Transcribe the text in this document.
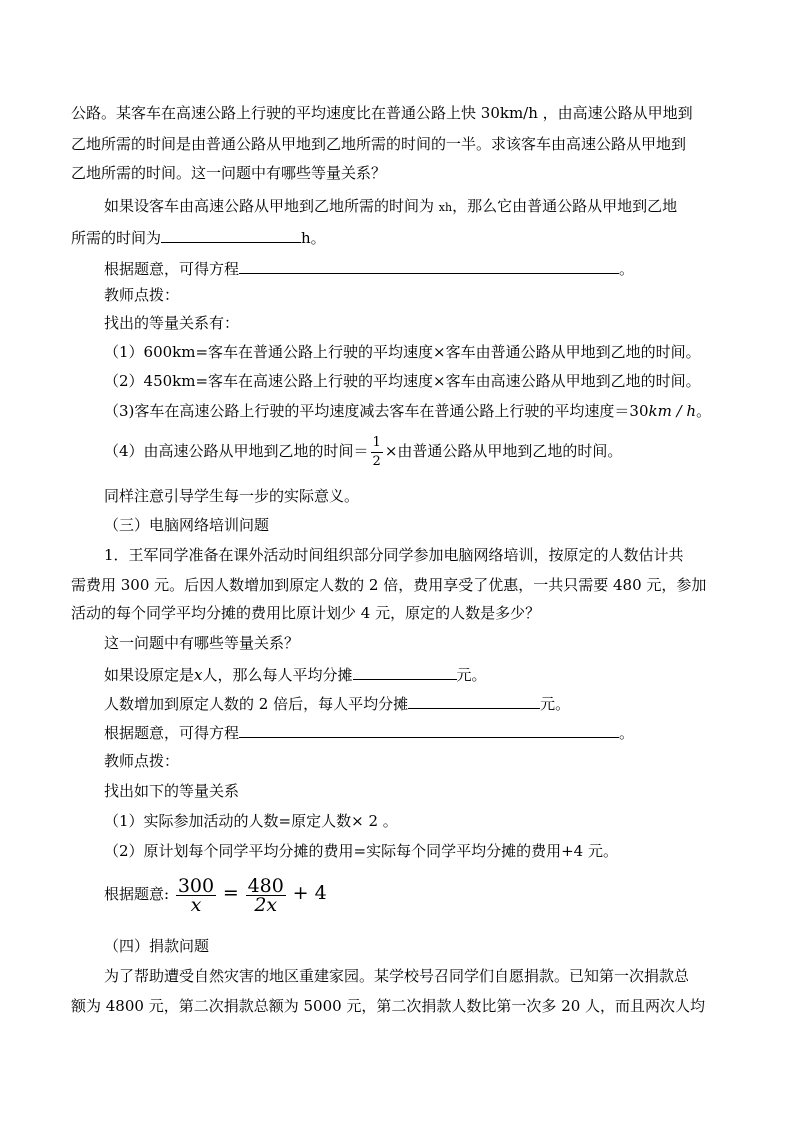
公路。某客车在高速公路上行驶的平均速度比在普通公路上快 30km/h ，由高速公路从甲地到
乙地所需的时间是由普通公路从甲地到乙地所需的时间的一半。求该客车由高速公路从甲地到
乙地所需的时间。这一问题中有哪些等量关系？
如果设客车由高速公路从甲地到乙地所需的时间为 xh，那么它由普通公路从甲地到乙地
所需的时间为	h。
根据题意，可得方程	。
教师点拨：
找出的等量关系有：
（1）600km=客车在普通公路上行驶的平均速度×客车由普通公路从甲地到乙地的时间。
（2）450km=客车在高速公路上行驶的平均速度×客车由高速公路从甲地到乙地的时间。
（3)客车在高速公路上行驶的平均速度减去客车在普通公路上行驶的平均速度＝30km / h。
（4）由高速公路从甲地到乙地的时间＝ $\frac{1}{2}$ ×由普通公路从甲地到乙地的时间。
同样注意引导学生每一步的实际意义。
（三）电脑网络培训问题
1．王军同学准备在课外活动时间组织部分同学参加电脑网络培训，按原定的人数估计共
需费用 300 元。后因人数增加到原定人数的 2 倍，费用享受了优惠，一共只需要 480 元，参加
活动的每个同学平均分摊的费用比原计划少 4 元，原定的人数是多少？
这一问题中有哪些等量关系？
如果设原定是x人，那么每人平均分摊	元。
人数增加到原定人数的 2 倍后，每人平均分摊	元。
根据题意，可得方程	。
教师点拨：
找出如下的等量关系
（1）实际参加活动的人数=原定人数× 2 。
（2）原计划每个同学平均分摊的费用=实际每个同学平均分摊的费用+4 元。
根据题意: $\frac{300}{x} = \frac{480}{2x} + 4$
（四）捐款问题
为了帮助遭受自然灾害的地区重建家园。某学校号召同学们自愿捐款。已知第一次捐款总
额为 4800 元，第二次捐款总额为 5000 元，第二次捐款人数比第一次多 20 人，而且两次人均
